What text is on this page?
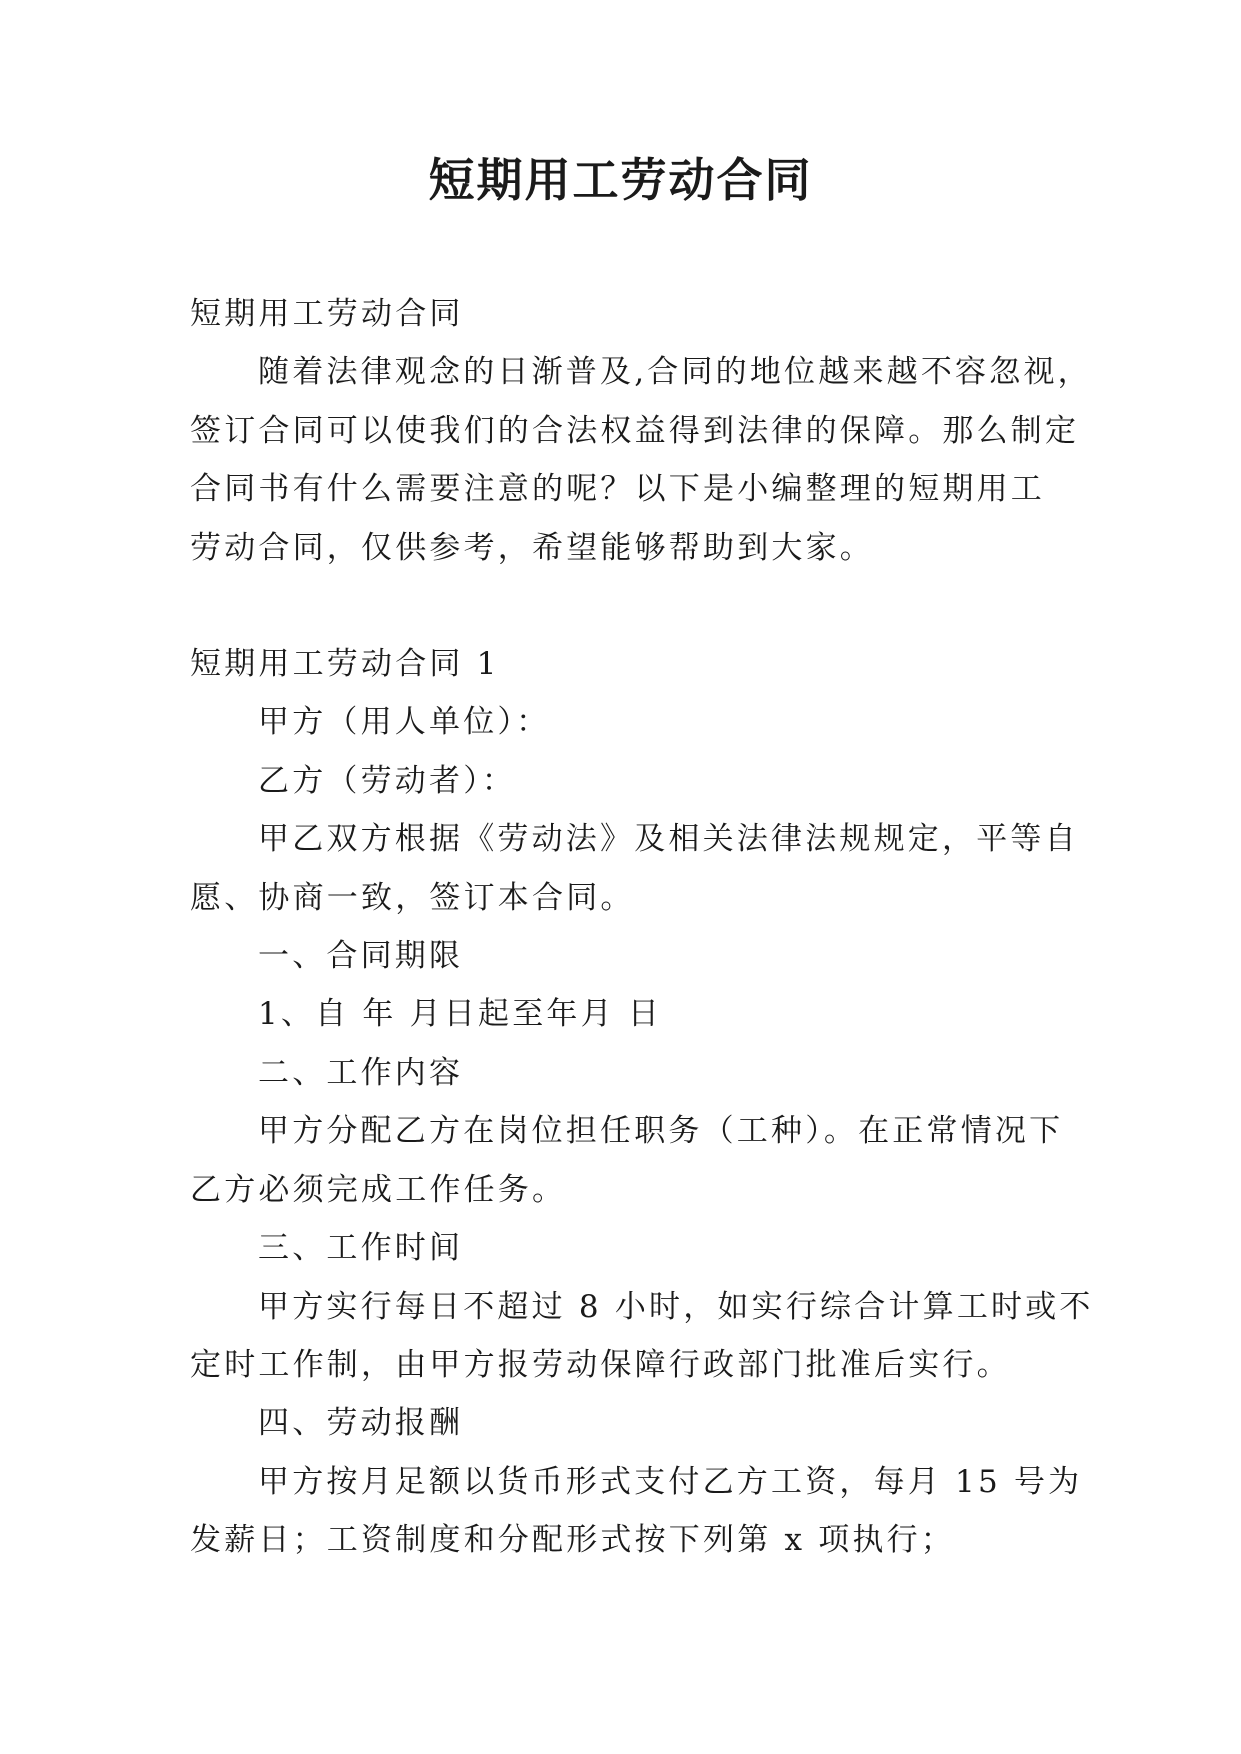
短期用工劳动合同

短期用工劳动合同

随着法律观念的日渐普及,合同的地位越来越不容忽视，

签订合同可以使我们的合法权益得到法律的保障。那么制定

合同书有什么需要注意的呢？以下是小编整理的短期用工

劳动合同，仅供参考，希望能够帮助到大家。

短期用工劳动合同 1

甲方（用人单位）：

乙方（劳动者）：

甲乙双方根据《劳动法》及相关法律法规规定，平等自

愿、协商一致，签订本合同。

一、合同期限

1、自 年 月日起至年月 日

二、工作内容

甲方分配乙方在岗位担任职务（工种）。在正常情况下

乙方必须完成工作任务。

三、工作时间

甲方实行每日不超过 8 小时，如实行综合计算工时或不

定时工作制，由甲方报劳动保障行政部门批准后实行。

四、劳动报酬

甲方按月足额以货币形式支付乙方工资，每月 15 号为

发薪日；工资制度和分配形式按下列第 x 项执行；
